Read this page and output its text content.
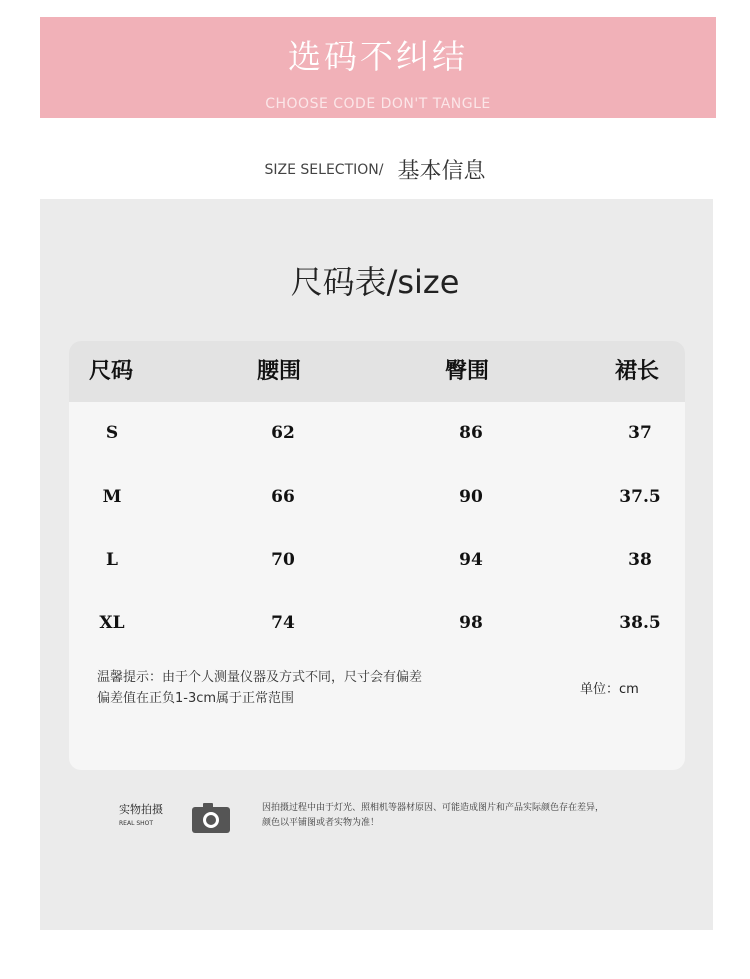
选码不纠结
CHOOSE CODE DON'T TANGLE
SIZE SELECTION/ 基本信息
尺码表/size
尺码	腰围	臀围	裙长
S	62	86	37
M	66	90	37.5
L	70	94	38
XL	74	98	38.5
温馨提示：由于个人测量仪器及方式不同，尺寸会有偏差
偏差值在正负1-3cm属于正常范围
单位：cm
实物拍摄
REAL SHOT
因拍摄过程中由于灯光、照相机等器材原因、可能造成图片和产品实际颜色存在差异，
颜色以平铺图或者实物为准！
